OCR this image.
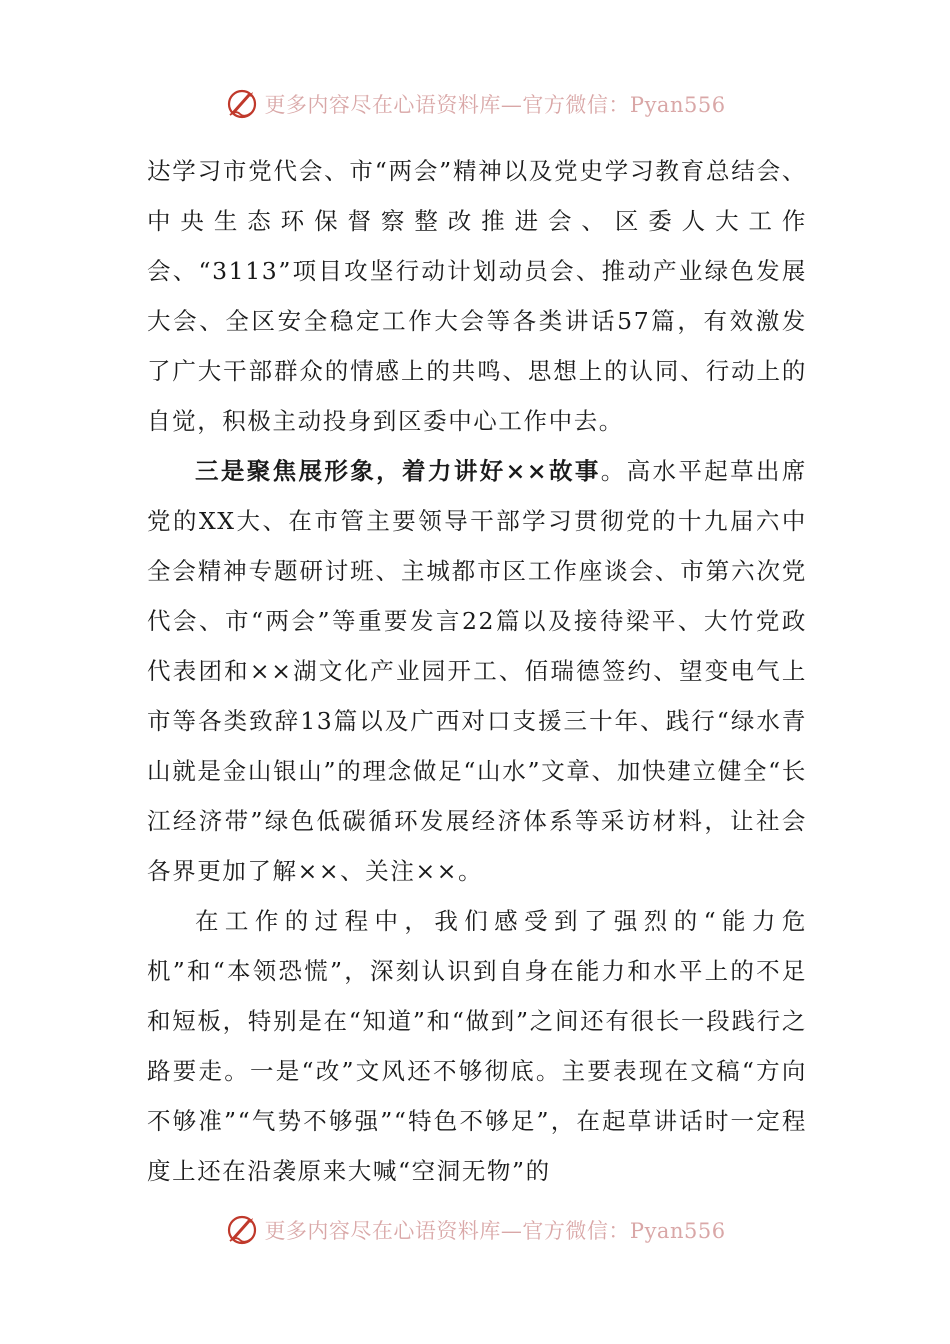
更多内容尽在心语资料库—官方微信：Pyan556

达学习市党代会、市“两会”精神以及党史学习教育总结会、中央生态环保督察整改推进会、区委人大工作会、“3113”项目攻坚行动计划动员会、推动产业绿色发展大会、全区安全稳定工作大会等各类讲话57篇，有效激发了广大干部群众的情感上的共鸣、思想上的认同、行动上的自觉，积极主动投身到区委中心工作中去。

三是聚焦展形象，着力讲好××故事。高水平起草出席党的XX大、在市管主要领导干部学习贯彻党的十九届六中全会精神专题研讨班、主城都市区工作座谈会、市第六次党代会、市“两会”等重要发言22篇以及接待梁平、大竹党政代表团和××湖文化产业园开工、佰瑞德签约、望变电气上市等各类致辞13篇以及广西对口支援三十年、践行“绿水青山就是金山银山”的理念做足“山水”文章、加快建立健全“长江经济带”绿色低碳循环发展经济体系等采访材料，让社会各界更加了解××、关注××。

在工作的过程中，我们感受到了强烈的“能力危机”和“本领恐慌”，深刻认识到自身在能力和水平上的不足和短板，特别是在“知道”和“做到”之间还有很长一段践行之路要走。一是“改”文风还不够彻底。主要表现在文稿“方向不够准”“气势不够强”“特色不够足”，在起草讲话时一定程度上还在沿袭原来大喊“空洞无物”的

更多内容尽在心语资料库—官方微信：Pyan556
